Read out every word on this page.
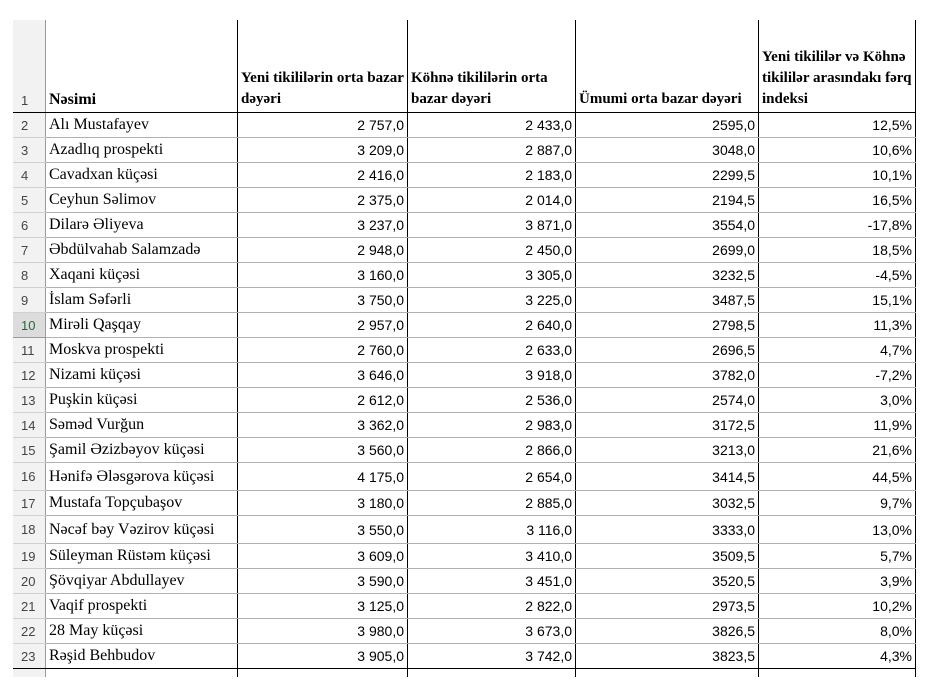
1	Nəsimi	Yeni tikililərin orta bazar dəyəri	Köhnə tikililərin orta bazar dəyəri	Ümumi orta bazar dəyəri	Yeni tikililər və Köhnə tikililər arasındakı fərq indeksi
2	Alı Mustafayev	2 757,0	2 433,0	2595,0	12,5%
3	Azadlıq prospekti	3 209,0	2 887,0	3048,0	10,6%
4	Cavadxan küçəsi	2 416,0	2 183,0	2299,5	10,1%
5	Ceyhun Səlimov	2 375,0	2 014,0	2194,5	16,5%
6	Dilarə Əliyeva	3 237,0	3 871,0	3554,0	-17,8%
7	Əbdülvahab Salamzadə	2 948,0	2 450,0	2699,0	18,5%
8	Xaqani küçəsi	3 160,0	3 305,0	3232,5	-4,5%
9	İslam Səfərli	3 750,0	3 225,0	3487,5	15,1%
10	Mirəli Qaşqay	2 957,0	2 640,0	2798,5	11,3%
11	Moskva prospekti	2 760,0	2 633,0	2696,5	4,7%
12	Nizami küçəsi	3 646,0	3 918,0	3782,0	-7,2%
13	Puşkin küçəsi	2 612,0	2 536,0	2574,0	3,0%
14	Səməd Vurğun	3 362,0	2 983,0	3172,5	11,9%
15	Şamil Əzizbəyov küçəsi	3 560,0	2 866,0	3213,0	21,6%
16	Hənifə Ələsgərova küçəsi	4 175,0	2 654,0	3414,5	44,5%
17	Mustafa Topçubaşov	3 180,0	2 885,0	3032,5	9,7%
18	Nəcəf bəy Vəzirov küçəsi	3 550,0	3 116,0	3333,0	13,0%
19	Süleyman Rüstəm küçəsi	3 609,0	3 410,0	3509,5	5,7%
20	Şövqiyar Abdullayev	3 590,0	3 451,0	3520,5	3,9%
21	Vaqif prospekti	3 125,0	2 822,0	2973,5	10,2%
22	28 May küçəsi	3 980,0	3 673,0	3826,5	8,0%
23	Rəşid Behbudov	3 905,0	3 742,0	3823,5	4,3%
